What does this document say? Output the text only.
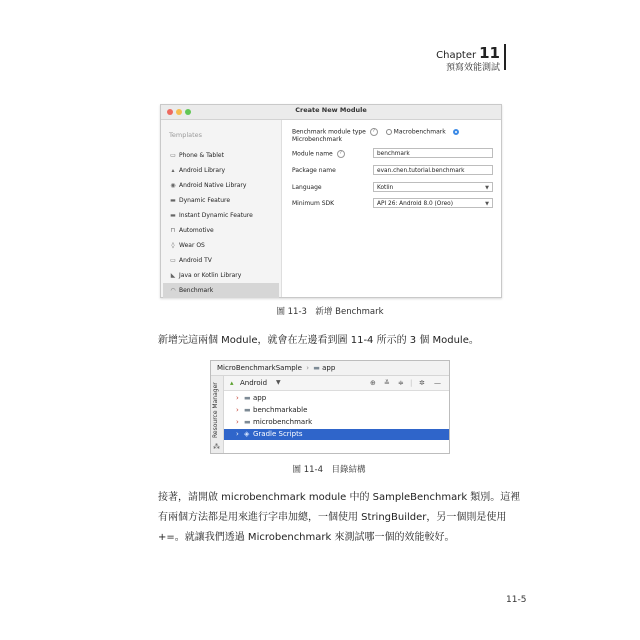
Chapter 11
預寫效能測試
Create New Module
Templates
▭ Phone & Tablet
▴ Android Library
◉ Android Native Library
▬ Dynamic Feature
▬ Instant Dynamic Feature
⊓ Automotive
◊ Wear OS
▭ Android TV
◣ Java or Kotlin Library
◠ Benchmark
Benchmark module type ?	Macrobenchmark  Microbenchmark
Module name ?	benchmark
Package name	evan.chen.tutorial.benchmark
Language	Kotlin	▼
Minimum SDK	API 26: Android 8.0 (Oreo)	▼
圖 11-3　新增 Benchmark
新增完這兩個 Module，就會在左邊看到圖 11-4 所示的 3 個 Module。
MicroBenchmarkSample › ▬ app
Resource Manager
⁂
▴ Android ▼	⊕ ≚ ≑ | ✲ —
› ▬ app
› ▬ benchmarkable
› ▬ microbenchmark
› ◈ Gradle Scripts
圖 11-4　目錄結構
接著，請開啟 microbenchmark module 中的 SampleBenchmark 類別。這裡
有兩個方法都是用來進行字串加總，一個使用 StringBuilder，另一個則是使用
+=。就讓我們透過 Microbenchmark 來測試哪一個的效能較好。
11-5
